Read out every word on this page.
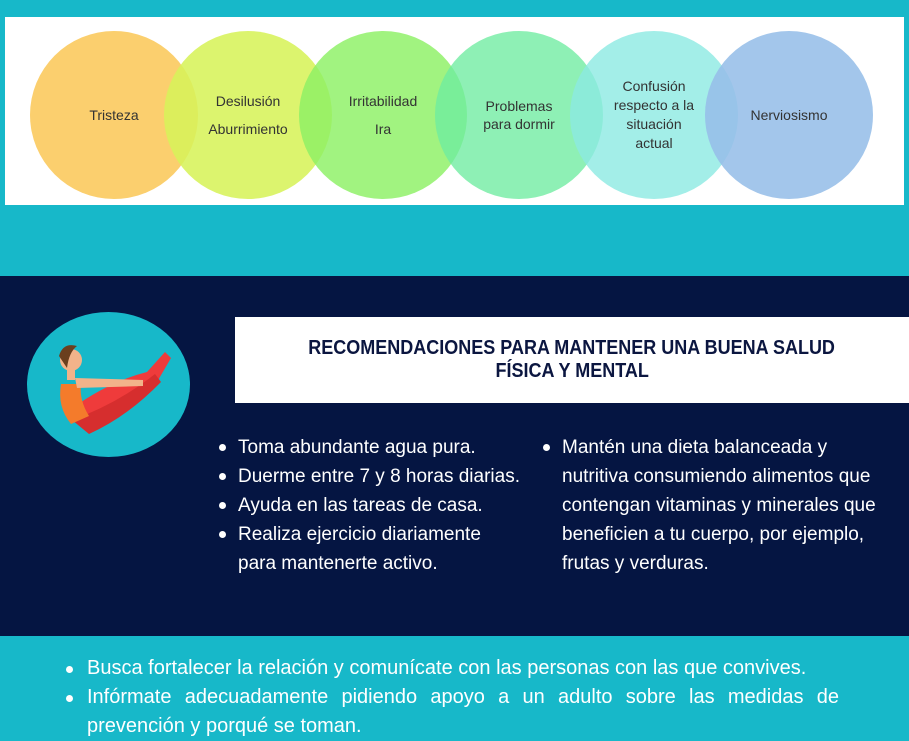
Tristeza
Desilusión
Aburrimiento
Irritabilidad
Ira
Problemas
para dormir
Confusión
respecto a la
situación
actual
Nerviosismo
RECOMENDACIONES PARA MANTENER UNA BUENA SALUD
FÍSICA Y MENTAL
Toma abundante agua pura.
Duerme entre 7 y 8 horas diarias.
Ayuda en las tareas de casa.
Realiza ejercicio diariamente para mantenerte activo.
Mantén una dieta balanceada y nutritiva consumiendo alimentos que contengan vitaminas y minerales que beneficien a tu cuerpo, por ejemplo, frutas y verduras.
Busca fortalecer la relación y comunícate con las personas con las que convives.
Infórmate adecuadamente pidiendo apoyo a un adulto sobre las medidas de prevención y porqué se toman.
